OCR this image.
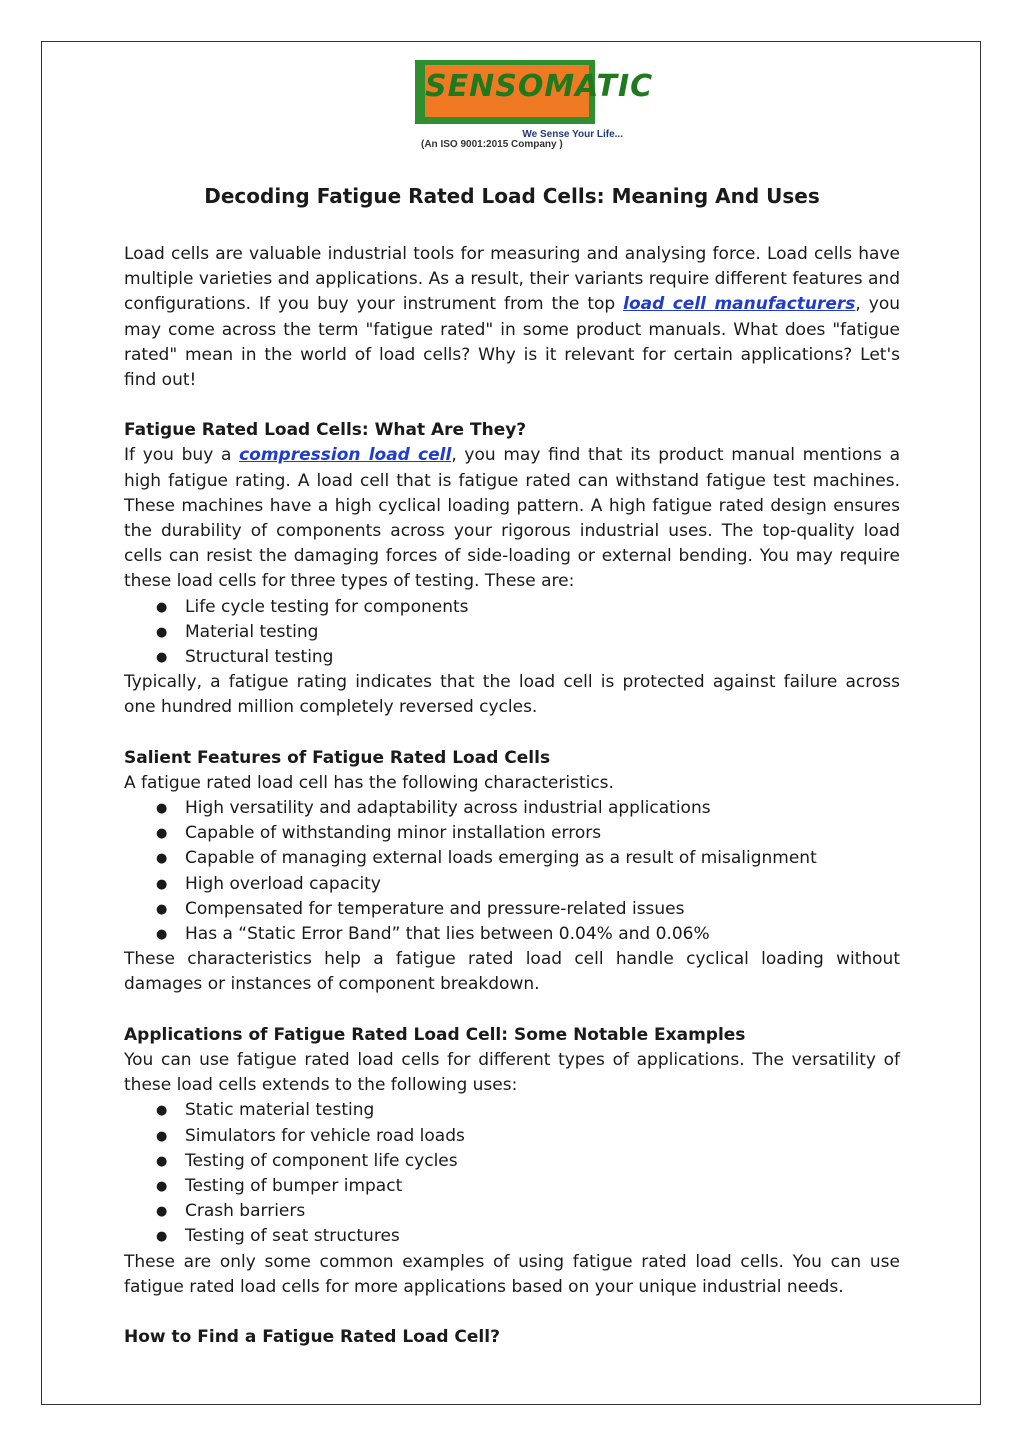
SENSOMATIC
We Sense Your Life...
(An ISO 9001:2015 Company )
Decoding Fatigue Rated Load Cells: Meaning And Uses

Load cells are valuable industrial tools for measuring and analysing force. Load cells have multiple varieties and applications. As a result, their variants require different features and configurations. If you buy your instrument from the top load cell manufacturers, you may come across the term "fatigue rated" in some product manuals. What does "fatigue rated" mean in the world of load cells? Why is it relevant for certain applications? Let's find out!

Fatigue Rated Load Cells: What Are They?

If you buy a compression load cell, you may find that its product manual mentions a high fatigue rating. A load cell that is fatigue rated can withstand fatigue test machines. These machines have a high cyclical loading pattern. A high fatigue rated design ensures the durability of components across your rigorous industrial uses. The top-quality load cells can resist the damaging forces of side-loading or external bending. You may require these load cells for three types of testing. These are:

● Life cycle testing for components
● Material testing
● Structural testing

Typically, a fatigue rating indicates that the load cell is protected against failure across one hundred million completely reversed cycles.

Salient Features of Fatigue Rated Load Cells

A fatigue rated load cell has the following characteristics.

● High versatility and adaptability across industrial applications
● Capable of withstanding minor installation errors
● Capable of managing external loads emerging as a result of misalignment
● High overload capacity
● Compensated for temperature and pressure-related issues
● Has a “Static Error Band” that lies between 0.04% and 0.06%

These characteristics help a fatigue rated load cell handle cyclical loading without damages or instances of component breakdown.

Applications of Fatigue Rated Load Cell: Some Notable Examples

You can use fatigue rated load cells for different types of applications. The versatility of these load cells extends to the following uses:

● Static material testing
● Simulators for vehicle road loads
● Testing of component life cycles
● Testing of bumper impact
● Crash barriers
● Testing of seat structures

These are only some common examples of using fatigue rated load cells. You can use fatigue rated load cells for more applications based on your unique industrial needs.

How to Find a Fatigue Rated Load Cell?
